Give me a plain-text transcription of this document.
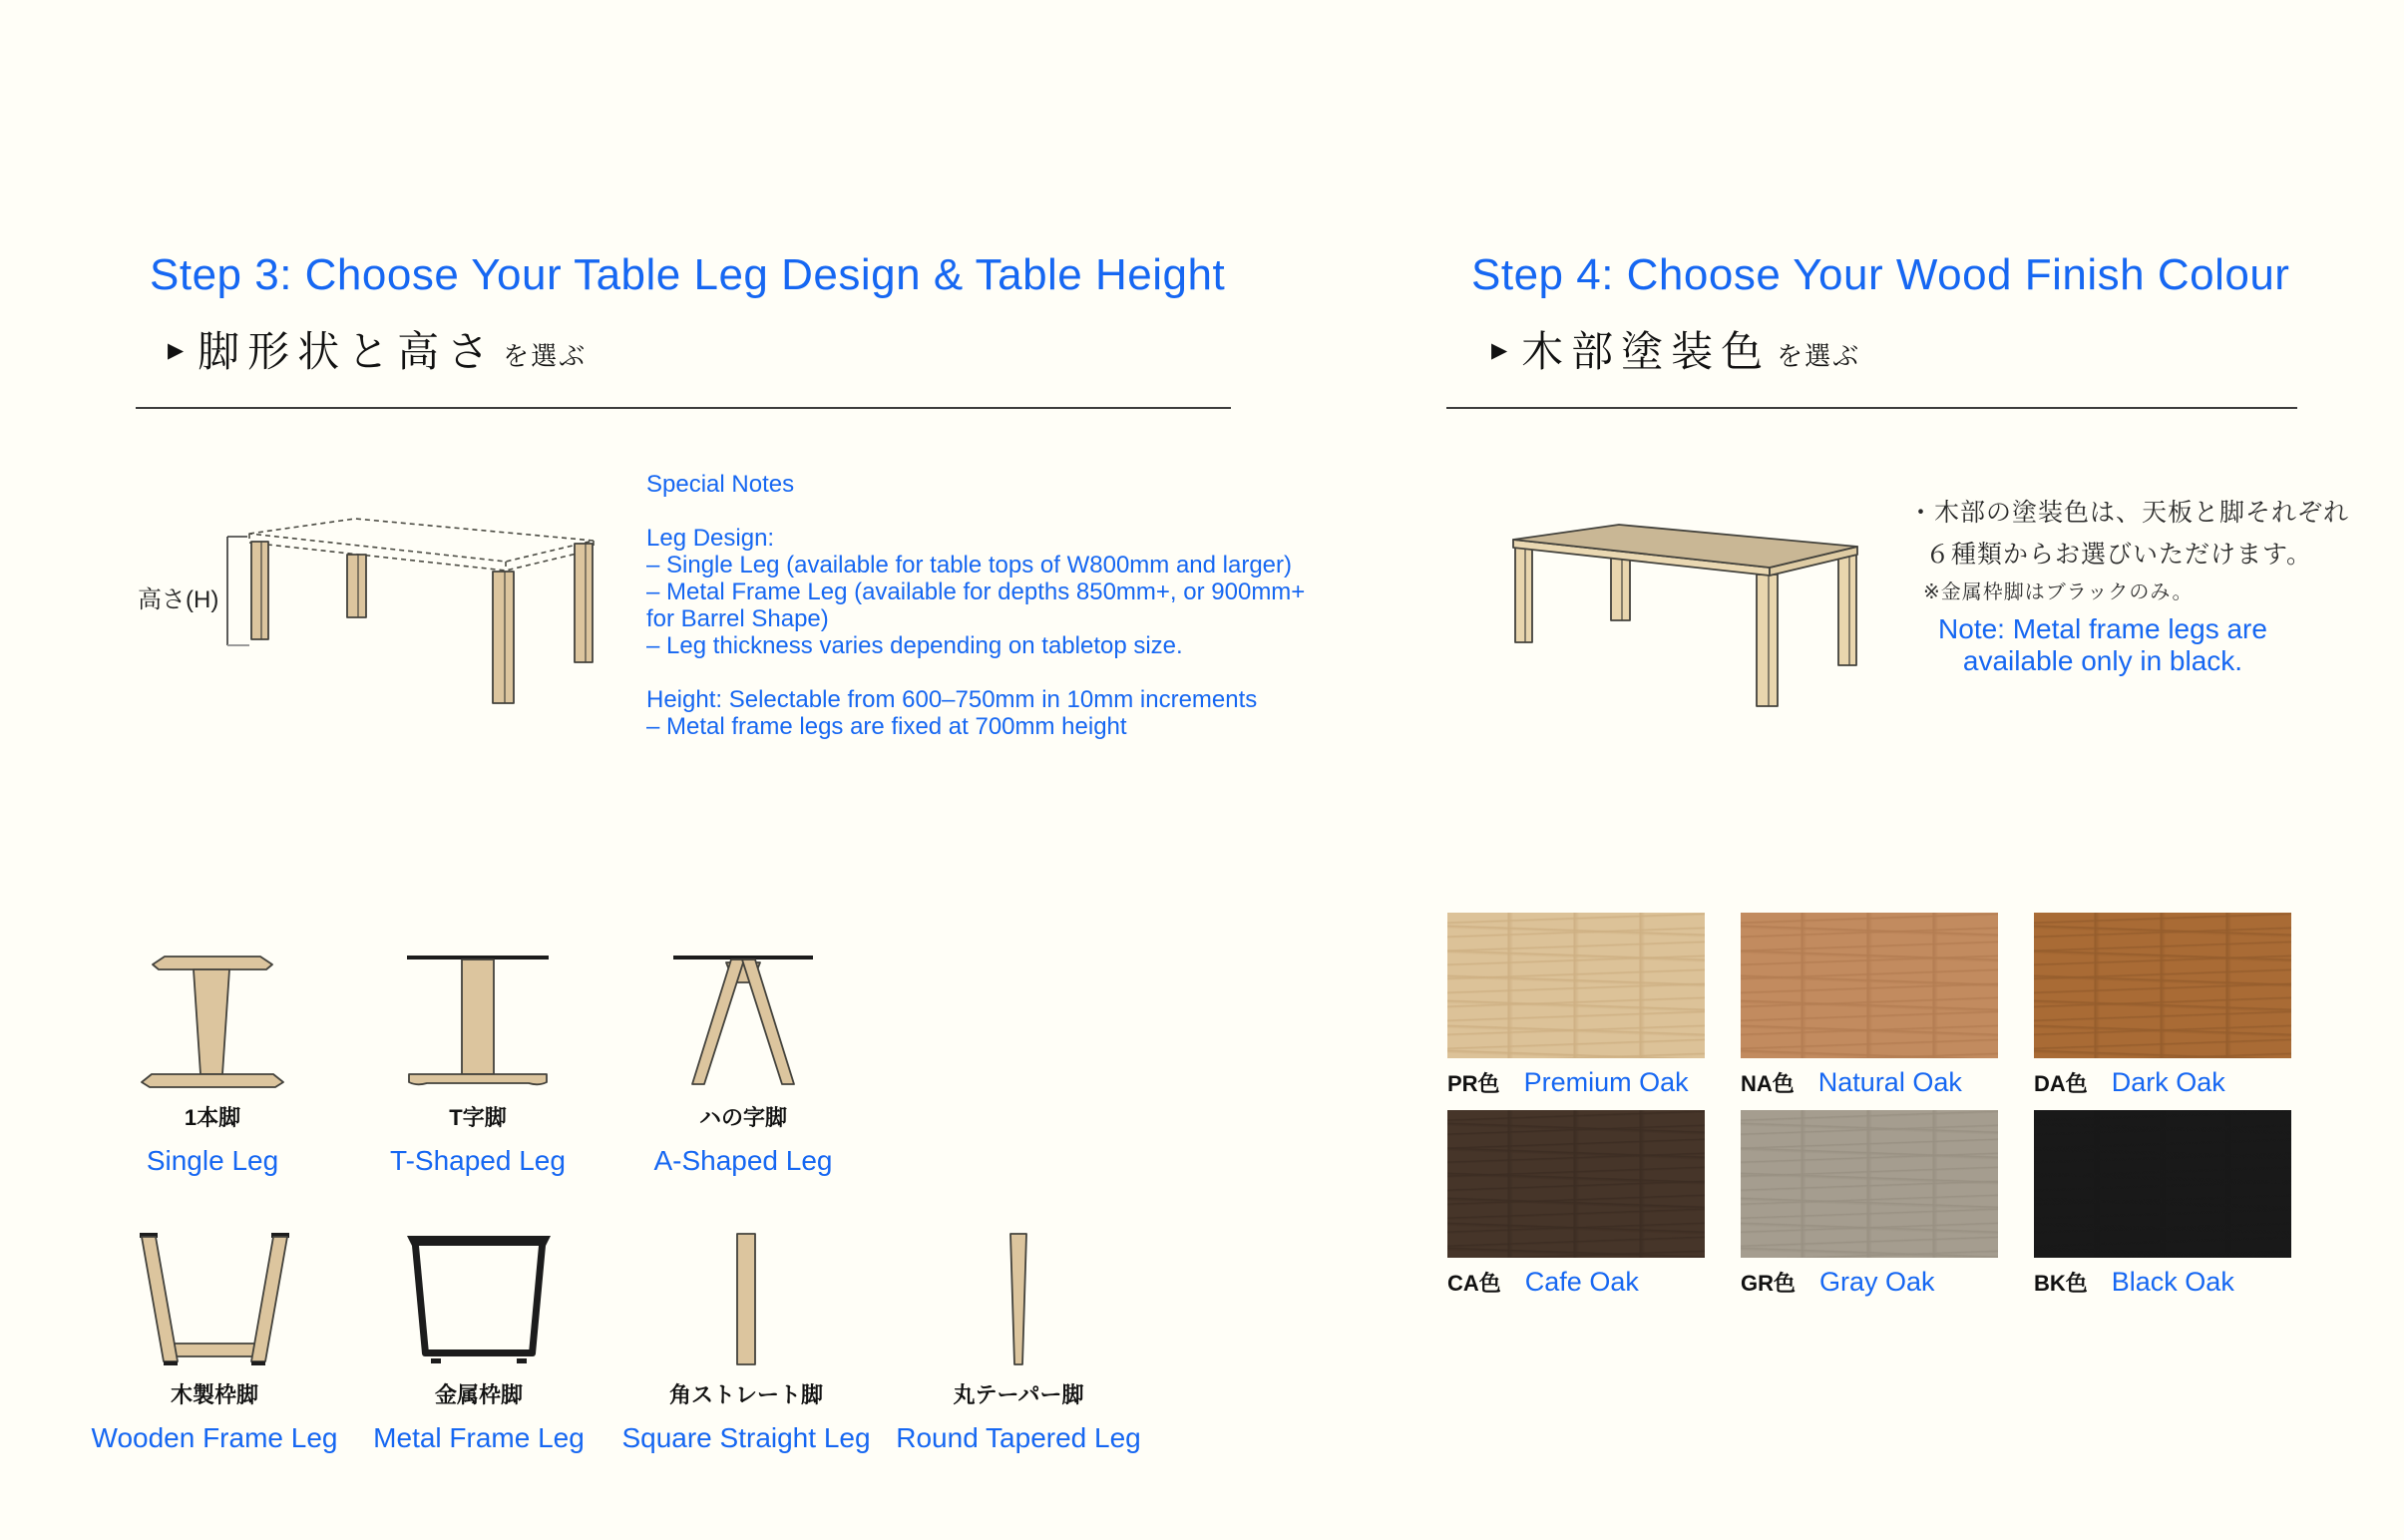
Step 3: Choose Your Table Leg Design & Table Height
▶ 脚形状と高さ を選ぶ
高さ(H)
Special Notes
Leg Design:
– Single Leg (available for table tops of W800mm and larger)
– Metal Frame Leg (available for depths 850mm+, or 900mm+
for Barrel Shape)
– Leg thickness varies depending on tabletop size.
Height: Selectable from 600–750mm in 10mm increments
– Metal frame legs are fixed at 700mm height
1本脚
Single Leg
T字脚
T-Shaped Leg
ハの字脚
A-Shaped Leg
木製枠脚
Wooden Frame Leg
金属枠脚
Metal Frame Leg
角ストレート脚
Square Straight Leg
丸テーパー脚
Round Tapered Leg
Step 4: Choose Your Wood Finish Colour
▶ 木部塗装色 を選ぶ
・木部の塗装色は、天板と脚それぞれ
６種類からお選びいただけます。
※金属枠脚はブラックのみ。
Note: Metal frame legs are
available only in black.
PR色 Premium Oak NA色 Natural Oak	DA色 Dark Oak
CA色 Cafe Oak	GR色 Gray Oak	BK色 Black Oak
